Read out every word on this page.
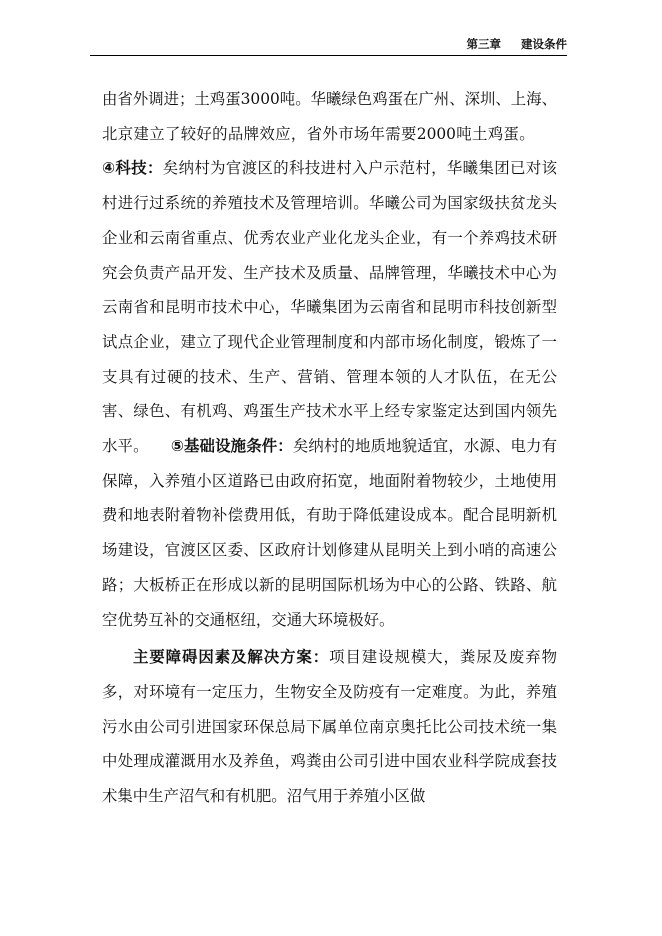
第三章 建设条件

由省外调进；土鸡蛋3000吨。华曦绿色鸡蛋在广州、深圳、上海、北京建立了较好的品牌效应，省外市场年需要2000吨土鸡蛋。④科技：矣纳村为官渡区的科技进村入户示范村，华曦集团已对该村进行过系统的养殖技术及管理培训。华曦公司为国家级扶贫龙头企业和云南省重点、优秀农业产业化龙头企业，有一个养鸡技术研究会负责产品开发、生产技术及质量、品牌管理，华曦技术中心为云南省和昆明市技术中心，华曦集团为云南省和昆明市科技创新型试点企业，建立了现代企业管理制度和内部市场化制度，锻炼了一支具有过硬的技术、生产、营销、管理本领的人才队伍，在无公害、绿色、有机鸡、鸡蛋生产技术水平上经专家鉴定达到国内领先水平。 ⑤基础设施条件：矣纳村的地质地貌适宜，水源、电力有保障，入养殖小区道路已由政府拓宽，地面附着物较少，土地使用费和地表附着物补偿费用低，有助于降低建设成本。配合昆明新机场建设，官渡区区委、区政府计划修建从昆明关上到小哨的高速公路；大板桥正在形成以新的昆明国际机场为中心的公路、铁路、航空优势互补的交通枢纽，交通大环境极好。

主要障碍因素及解决方案：项目建设规模大，粪尿及废弃物多，对环境有一定压力，生物安全及防疫有一定难度。为此，养殖污水由公司引进国家环保总局下属单位南京奥托比公司技术统一集中处理成灌溉用水及养鱼，鸡粪由公司引进中国农业科学院成套技术集中生产沼气和有机肥。沼气用于养殖小区做
